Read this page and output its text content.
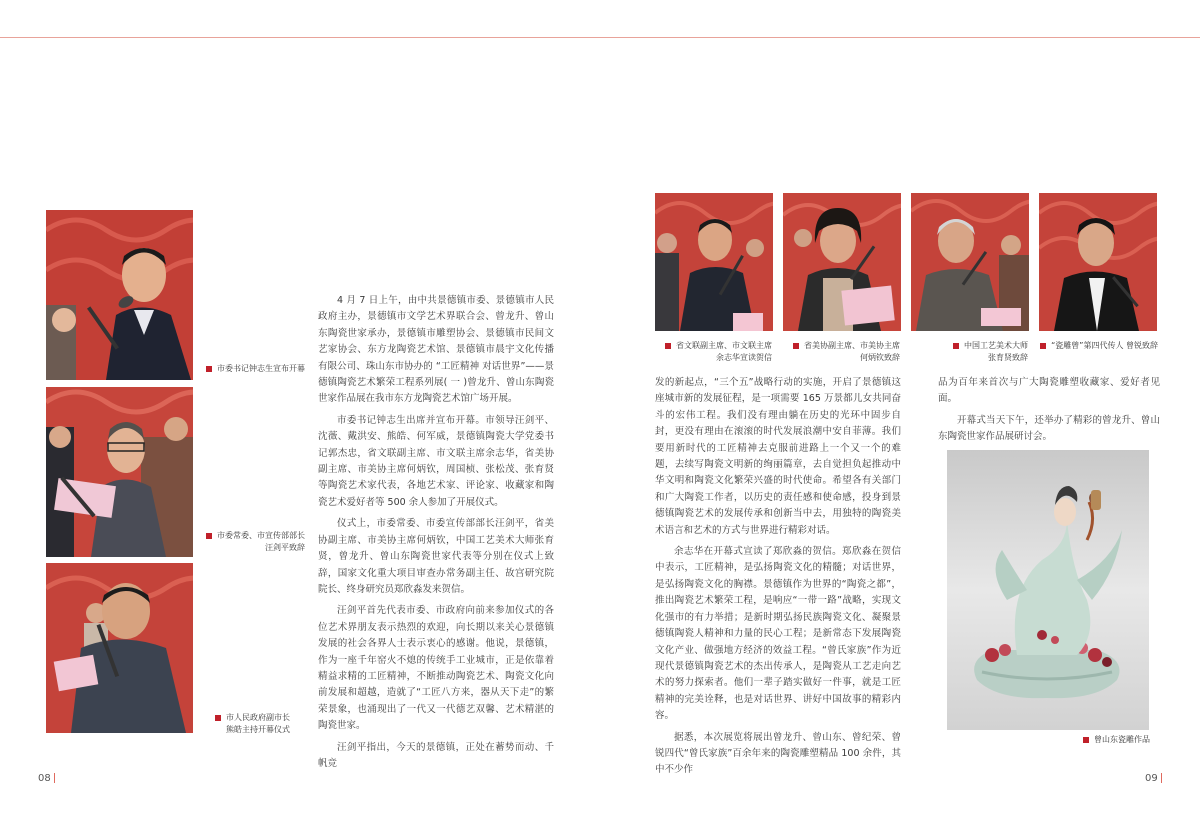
市委书记钟志生宣布开幕
市委常委、市宣传部部长
汪剑平致辞
市人民政府副市长
熊皓主持开幕仪式

4 月 7 日上午，由中共景德镇市委、景德镇市人民政府主办，景德镇市文学艺术界联合会、曾龙升、曾山东陶瓷世家承办，景德镇市雕塑协会、景德镇市民间文艺家协会、东方龙陶瓷艺术馆、景德镇市晨宇文化传播有限公司、珠山东市协办的 “工匠精神 对话世界”——景德镇陶瓷艺术繁荣工程系列展( 一 )曾龙升、曾山东陶瓷世家作品展在我市东方龙陶瓷艺术馆广场开展。

市委书记钟志生出席并宣布开幕。市领导汪剑平、沈薇、戴洪安、熊皓、何军威，景德镇陶瓷大学党委书记郭杰忠，省文联副主席、市文联主席余志华，省美协副主席、市美协主席何炳钦，周国桢、张松茂、张育贤等陶瓷艺术家代表，各地艺术家、评论家、收藏家和陶瓷艺术爱好者等 500 余人参加了开展仪式。

仪式上，市委常委、市委宣传部部长汪剑平，省美协副主席、市美协主席何炳钦，中国工艺美术大师张育贤，曾龙升、曾山东陶瓷世家代表等分别在仪式上致辞，国家文化重大项目审查办常务副主任、故宫研究院院长、终身研究员郑欣淼发来贺信。

汪剑平首先代表市委、市政府向前来参加仪式的各位艺术界朋友表示热烈的欢迎，向长期以来关心景德镇发展的社会各界人士表示衷心的感谢。他说，景德镇，作为一座千年窑火不熄的传统手工业城市，正是依靠着精益求精的工匠精神，不断推动陶瓷艺术、陶瓷文化向前发展和超越，造就了“工匠八方来，器从天下走”的繁荣景象，也涌现出了一代又一代德艺双馨、艺术精湛的陶瓷世家。

汪剑平指出，今天的景德镇，正处在蓄势而动、千帆竞

省文联副主席、市文联主席
余志华宣读贺信
省美协副主席、市美协主席
何炳钦致辞
中国工艺美术大师
张育贤致辞
“瓷雕曾”第四代传人 曾锐致辞

发的新起点，“三个五”战略行动的实施，开启了景德镇这座城市新的发展征程，是一项需要 165 万景都儿女共同奋斗的宏伟工程。我们没有理由躺在历史的光环中固步自封，更没有理由在滚滚的时代发展浪潮中安自菲薄。我们要用新时代的工匠精神去克服前进路上一个又一个的难题，去续写陶瓷文明新的绚丽篇章，去自觉担负起推动中华文明和陶瓷文化繁荣兴盛的时代使命。希望各有关部门和广大陶瓷工作者，以历史的责任感和使命感，投身到景德镇陶瓷艺术的发展传承和创新当中去，用独特的陶瓷美术语言和艺术的方式与世界进行精彩对话。

余志华在开幕式宣读了郑欣淼的贺信。郑欣淼在贺信中表示，工匠精神，是弘扬陶瓷文化的精髓；对话世界，是弘扬陶瓷文化的胸襟。景德镇作为世界的“陶瓷之都”，推出陶瓷艺术繁荣工程，是响应“一带一路”战略，实现文化强市的有力举措；是新时期弘扬民族陶瓷文化、凝聚景德镇陶瓷人精神和力量的民心工程；是新常态下发展陶瓷文化产业、做强地方经济的效益工程。“曾氏家族”作为近现代景德镇陶瓷艺术的杰出传承人，是陶瓷从工艺走向艺术的努力探索者。他们一辈子踏实做好一件事，就是工匠精神的完美诠释，也是对话世界、讲好中国故事的精彩内容。

据悉，本次展览将展出曾龙升、曾山东、曾纪荣、曾锐四代“曾氏家族”百余年来的陶瓷雕塑精品 100 余件，其中不少作

品为百年来首次与广大陶瓷雕塑收藏家、爱好者见面。

开幕式当天下午，还举办了精彩的曾龙升、曾山东陶瓷世家作品展研讨会。

曾山东瓷雕作品
08	09
